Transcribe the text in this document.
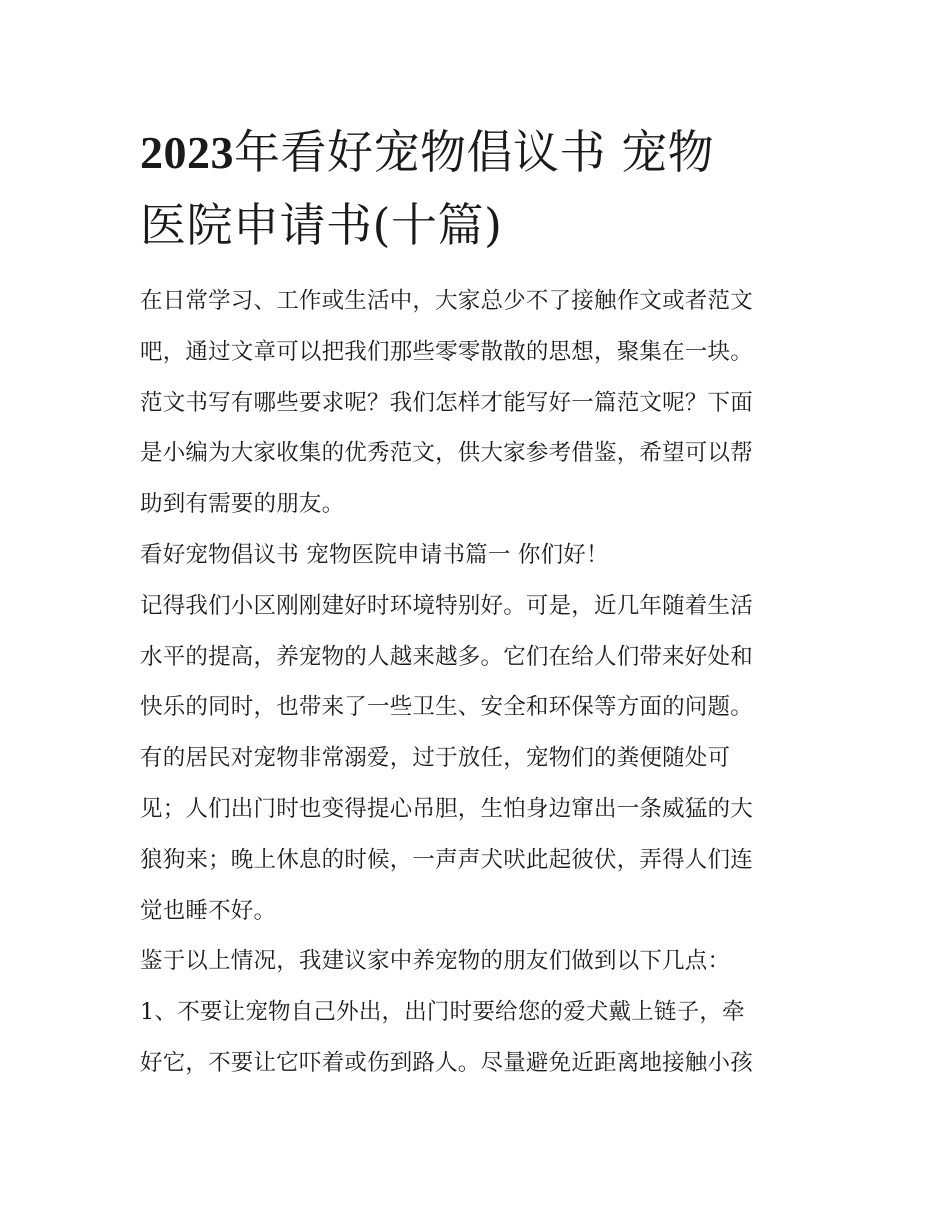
2023年看好宠物倡议书 宠物
医院申请书(十篇)

在日常学习、工作或生活中，大家总少不了接触作文或者范文

吧，通过文章可以把我们那些零零散散的思想，聚集在一块。

范文书写有哪些要求呢？我们怎样才能写好一篇范文呢？下面

是小编为大家收集的优秀范文，供大家参考借鉴，希望可以帮

助到有需要的朋友。

看好宠物倡议书 宠物医院申请书篇一 你们好！

记得我们小区刚刚建好时环境特别好。可是，近几年随着生活

水平的提高，养宠物的人越来越多。它们在给人们带来好处和

快乐的同时，也带来了一些卫生、安全和环保等方面的问题。

有的居民对宠物非常溺爱，过于放任，宠物们的粪便随处可

见；人们出门时也变得提心吊胆，生怕身边窜出一条威猛的大

狼狗来；晚上休息的时候，一声声犬吠此起彼伏，弄得人们连

觉也睡不好。

鉴于以上情况，我建议家中养宠物的朋友们做到以下几点：

1、不要让宠物自己外出，出门时要给您的爱犬戴上链子，牵

好它，不要让它吓着或伤到路人。尽量避免近距离地接触小孩
